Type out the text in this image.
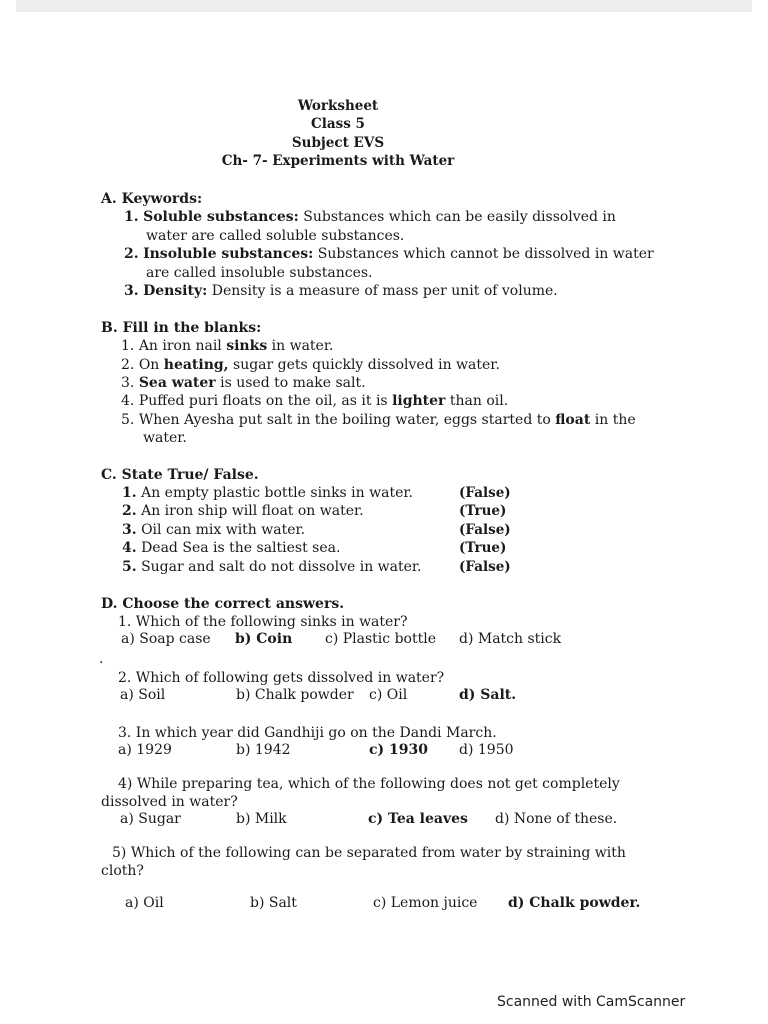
Worksheet
Class 5
Subject EVS
Ch- 7- Experiments with Water
A. Keywords:
1. Soluble substances: Substances which can be easily dissolved in
water are called soluble substances.
2. Insoluble substances: Substances which cannot be dissolved in water
are called insoluble substances.
3. Density: Density is a measure of mass per unit of volume.
B. Fill in the blanks:
1. An iron nail sinks in water.
2. On heating, sugar gets quickly dissolved in water.
3. Sea water is used to make salt.
4. Puffed puri floats on the oil, as it is lighter than oil.
5. When Ayesha put salt in the boiling water, eggs started to float in the
water.
C. State True/ False.
1. An empty plastic bottle sinks in water.	(False)
2. An iron ship will float on water.	(True)
3. Oil can mix with water.	(False)
4. Dead Sea is the saltiest sea.	(True)
5. Sugar and salt do not dissolve in water.	(False)
D. Choose the correct answers.
1. Which of the following sinks in water?
a) Soap case b) Coin c) Plastic bottle d) Match stick
.
2. Which of following gets dissolved in water?
a) Soil	b) Chalk powder c) Oil	d) Salt.
3. In which year did Gandhiji go on the Dandi March.
a) 1929	b) 1942	c) 1930 d) 1950
4) While preparing tea, which of the following does not get completely
dissolved in water?
a) Sugar	b) Milk	c) Tea leaves d) None of these.
5) Which of the following can be separated from water by straining with
cloth?
a) Oil	b) Salt	c) Lemon juice d) Chalk powder.
Scanned with CamScanner
